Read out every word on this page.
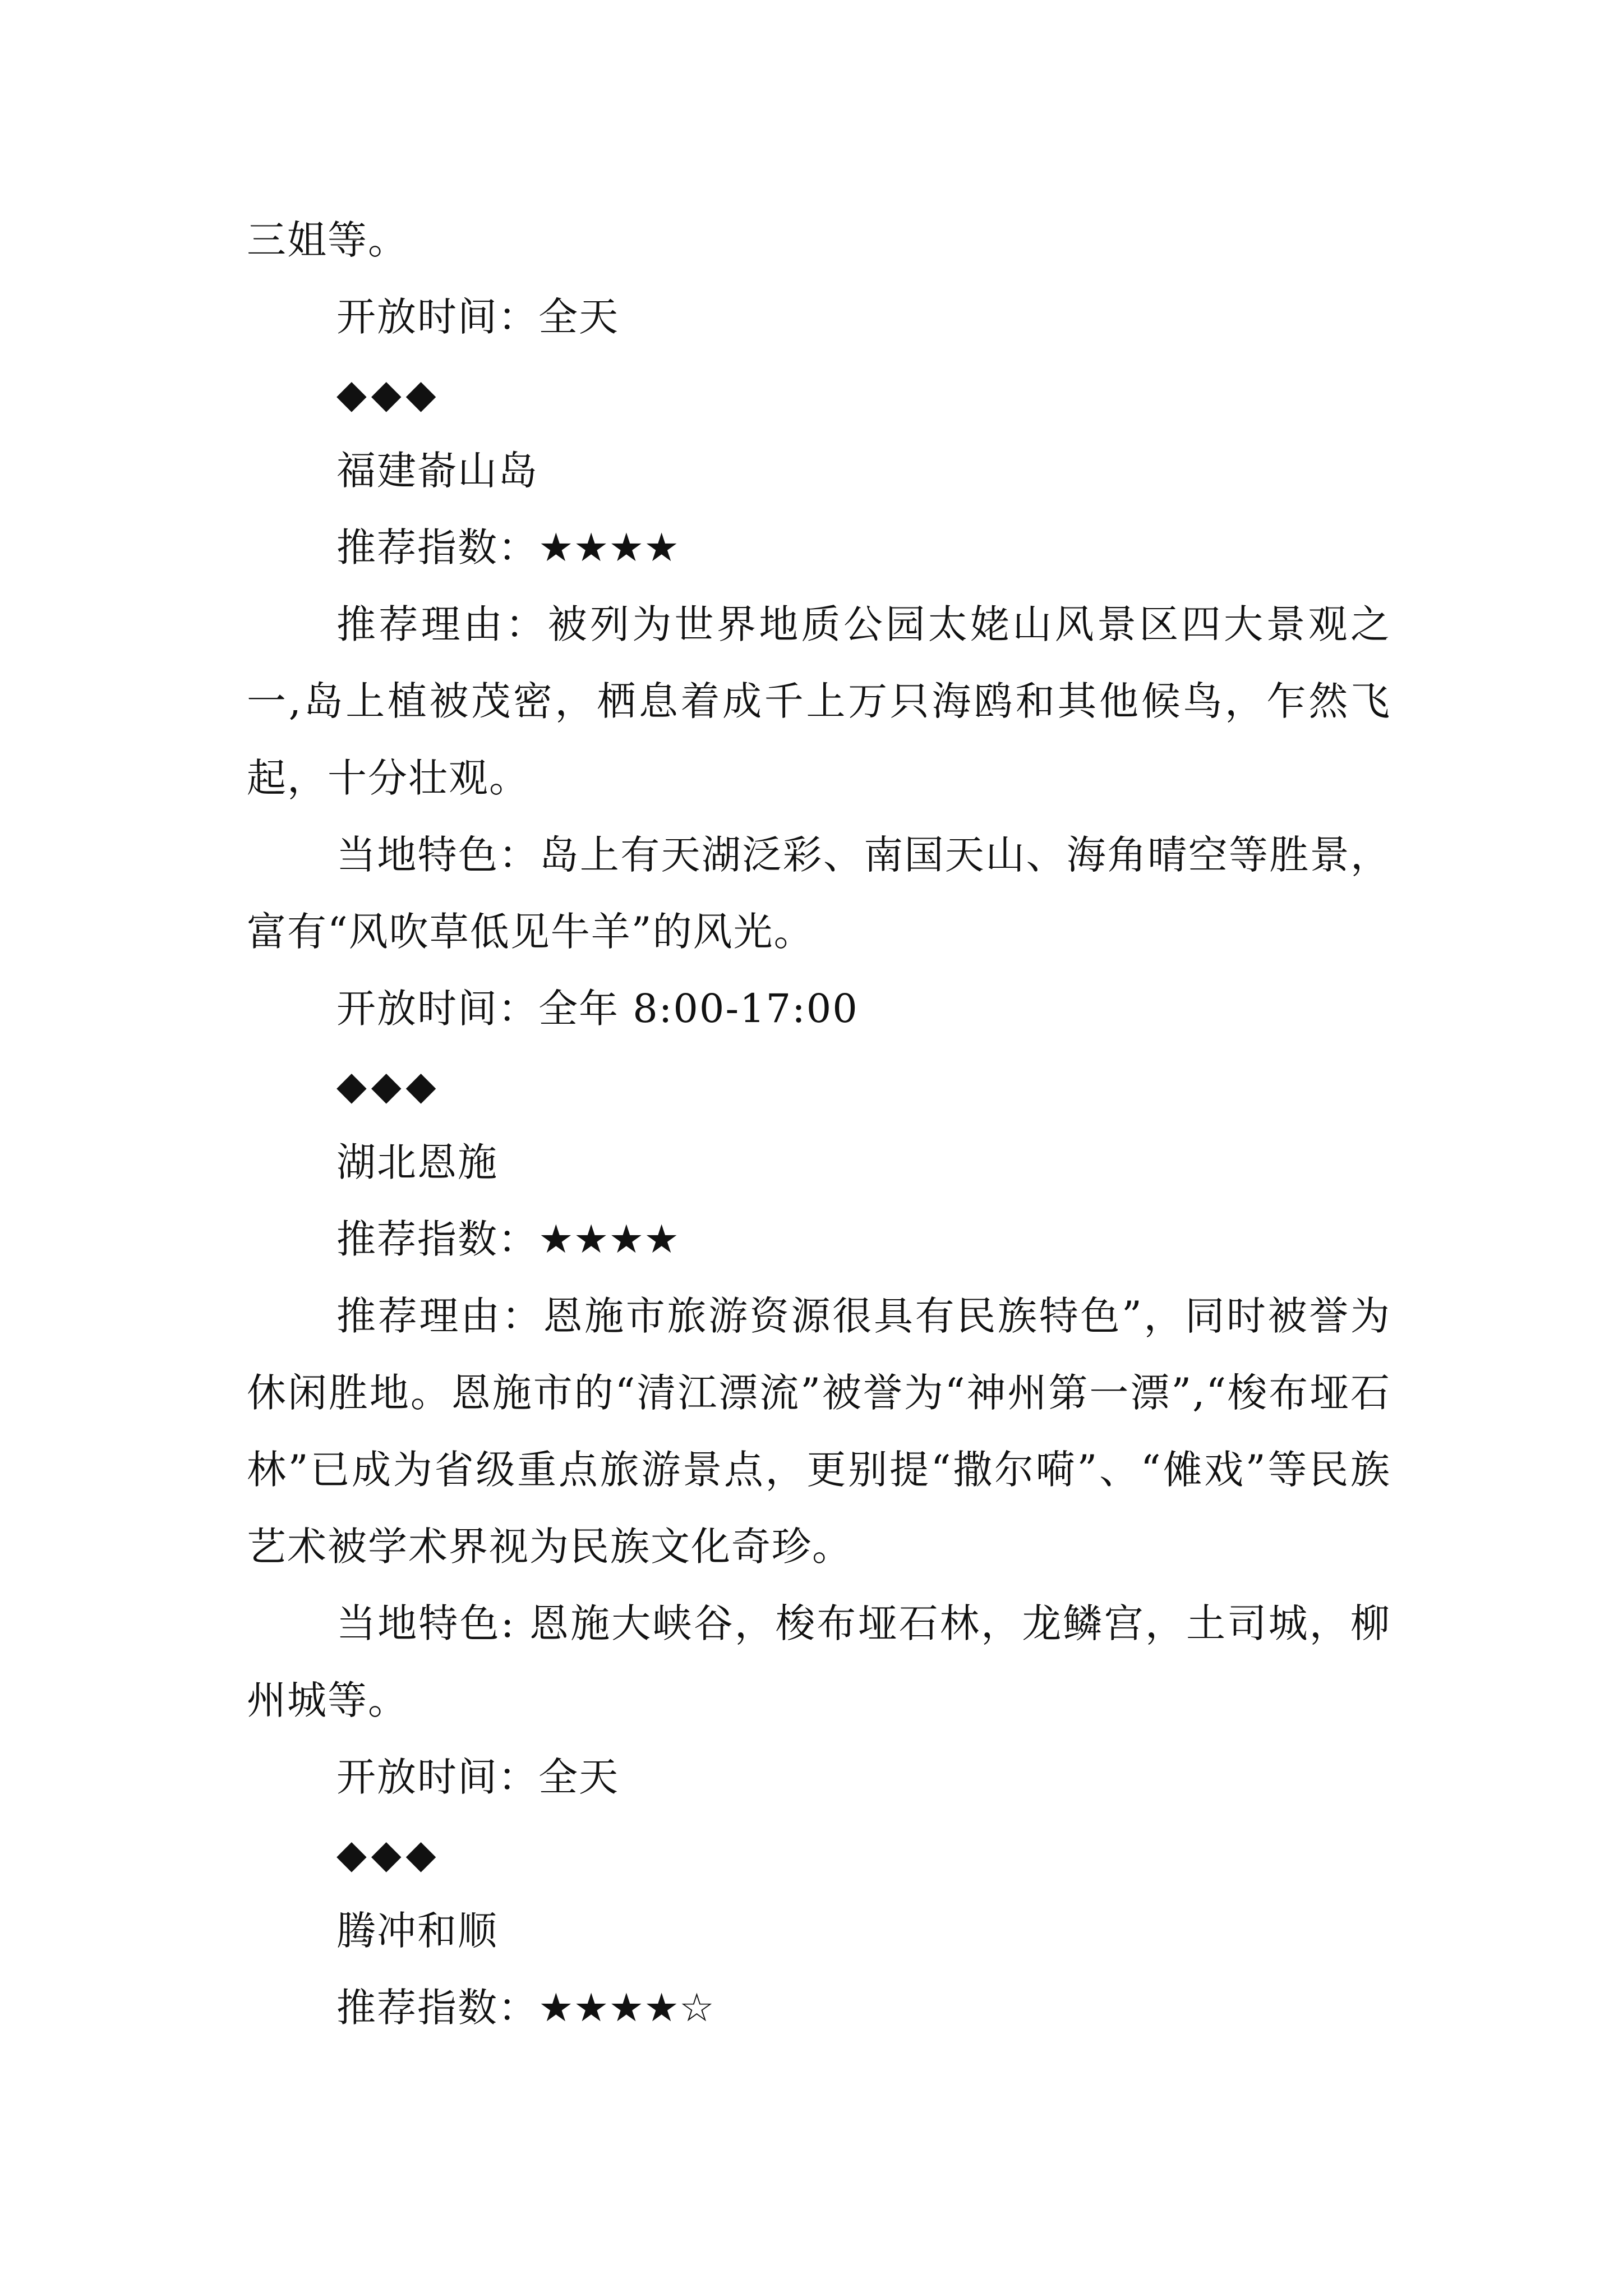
三姐等。

开放时间：全天

◆◆◆

福建嵛山岛

推荐指数：★★★★

推荐理由：被列为世界地质公园太姥山风景区四大景观之一,岛上植被茂密，栖息着成千上万只海鸥和其他候鸟，乍然飞起，十分壮观。

当地特色：岛上有天湖泛彩、南国天山、海角晴空等胜景，富有“风吹草低见牛羊”的风光。

开放时间：全年 8:00-17:00

◆◆◆

湖北恩施

推荐指数：★★★★

推荐理由：恩施市旅游资源很具有民族特色”，同时被誉为休闲胜地。恩施市的“清江漂流”被誉为“神州第一漂”,“梭布垭石林”已成为省级重点旅游景点，更别提“撒尔嗬”、“傩戏”等民族艺术被学术界视为民族文化奇珍。

当地特色: 恩施大峡谷，梭布垭石林，龙鳞宫，土司城，柳州城等。

开放时间：全天

◆◆◆

腾冲和顺

推荐指数：★★★★☆
